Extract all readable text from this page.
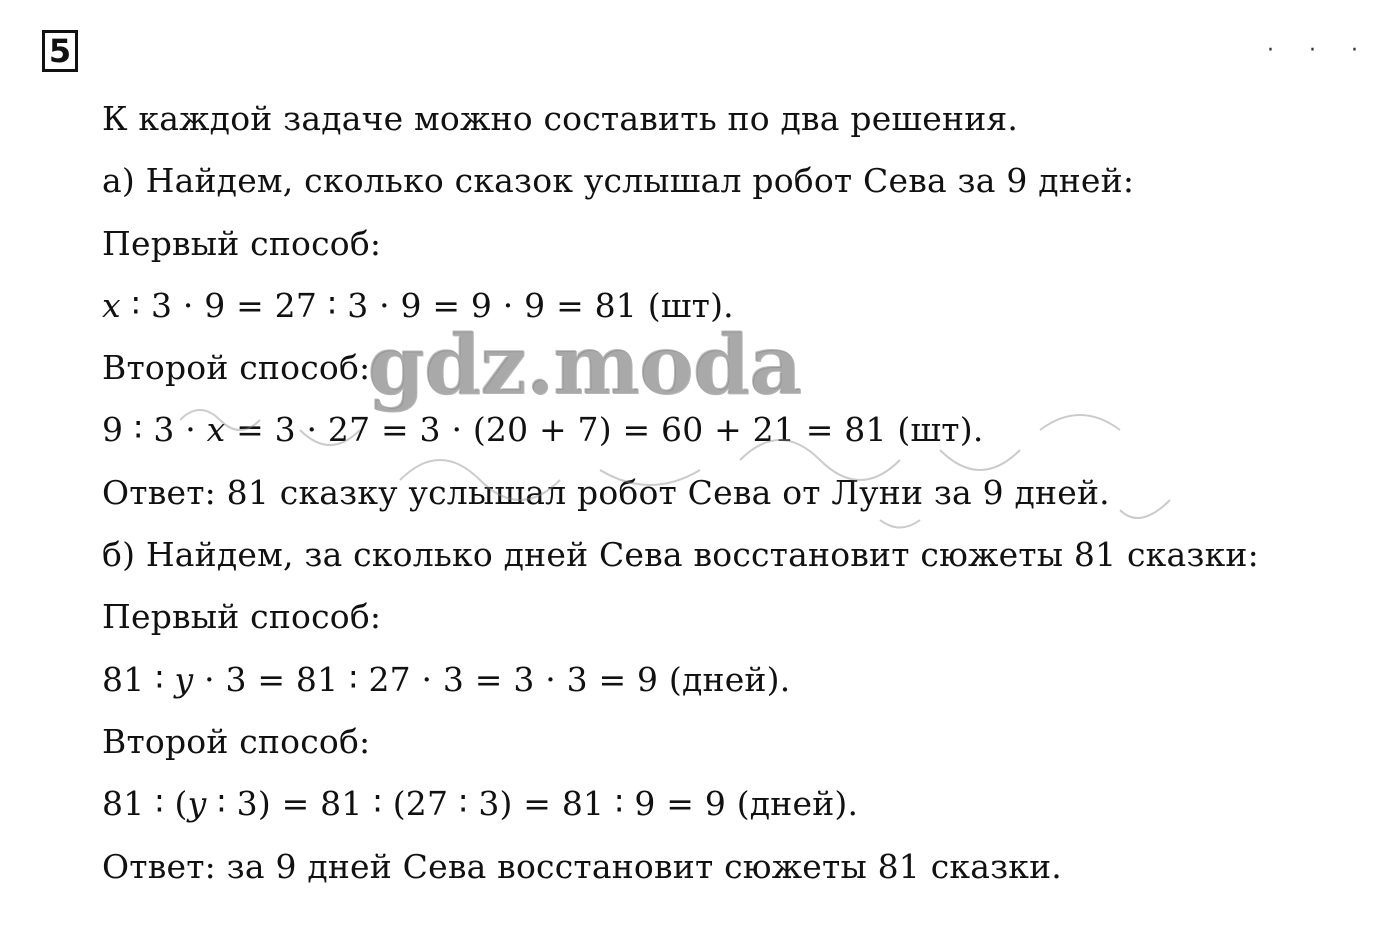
5	· · ·
К каждой задаче можно составить по два решения.
а) Найдем, сколько сказок услышал робот Сева за 9 дней:
Первый способ:
𝑥 ∶ 3 · 9 = 27 ∶ 3 · 9 = 9 · 9 = 81 (шт).
Второй способ:
9 ∶ 3 · 𝑥 = 3 · 27 = 3 · (20 + 7) = 60 + 21 = 81 (шт).
Ответ: 81 сказку услышал робот Сева от Луни за 9 дней.
б) Найдем, за сколько дней Сева восстановит сюжеты 81 сказки:
Первый способ:
81 ∶ 𝑦 · 3 = 81 ∶ 27 · 3 = 3 · 3 = 9 (дней).
Второй способ:
81 ∶ (𝑦 ∶ 3) = 81 ∶ (27 ∶ 3) = 81 ∶ 9 = 9 (дней).
Ответ: за 9 дней Сева восстановит сюжеты 81 сказки.
gdz.moda
